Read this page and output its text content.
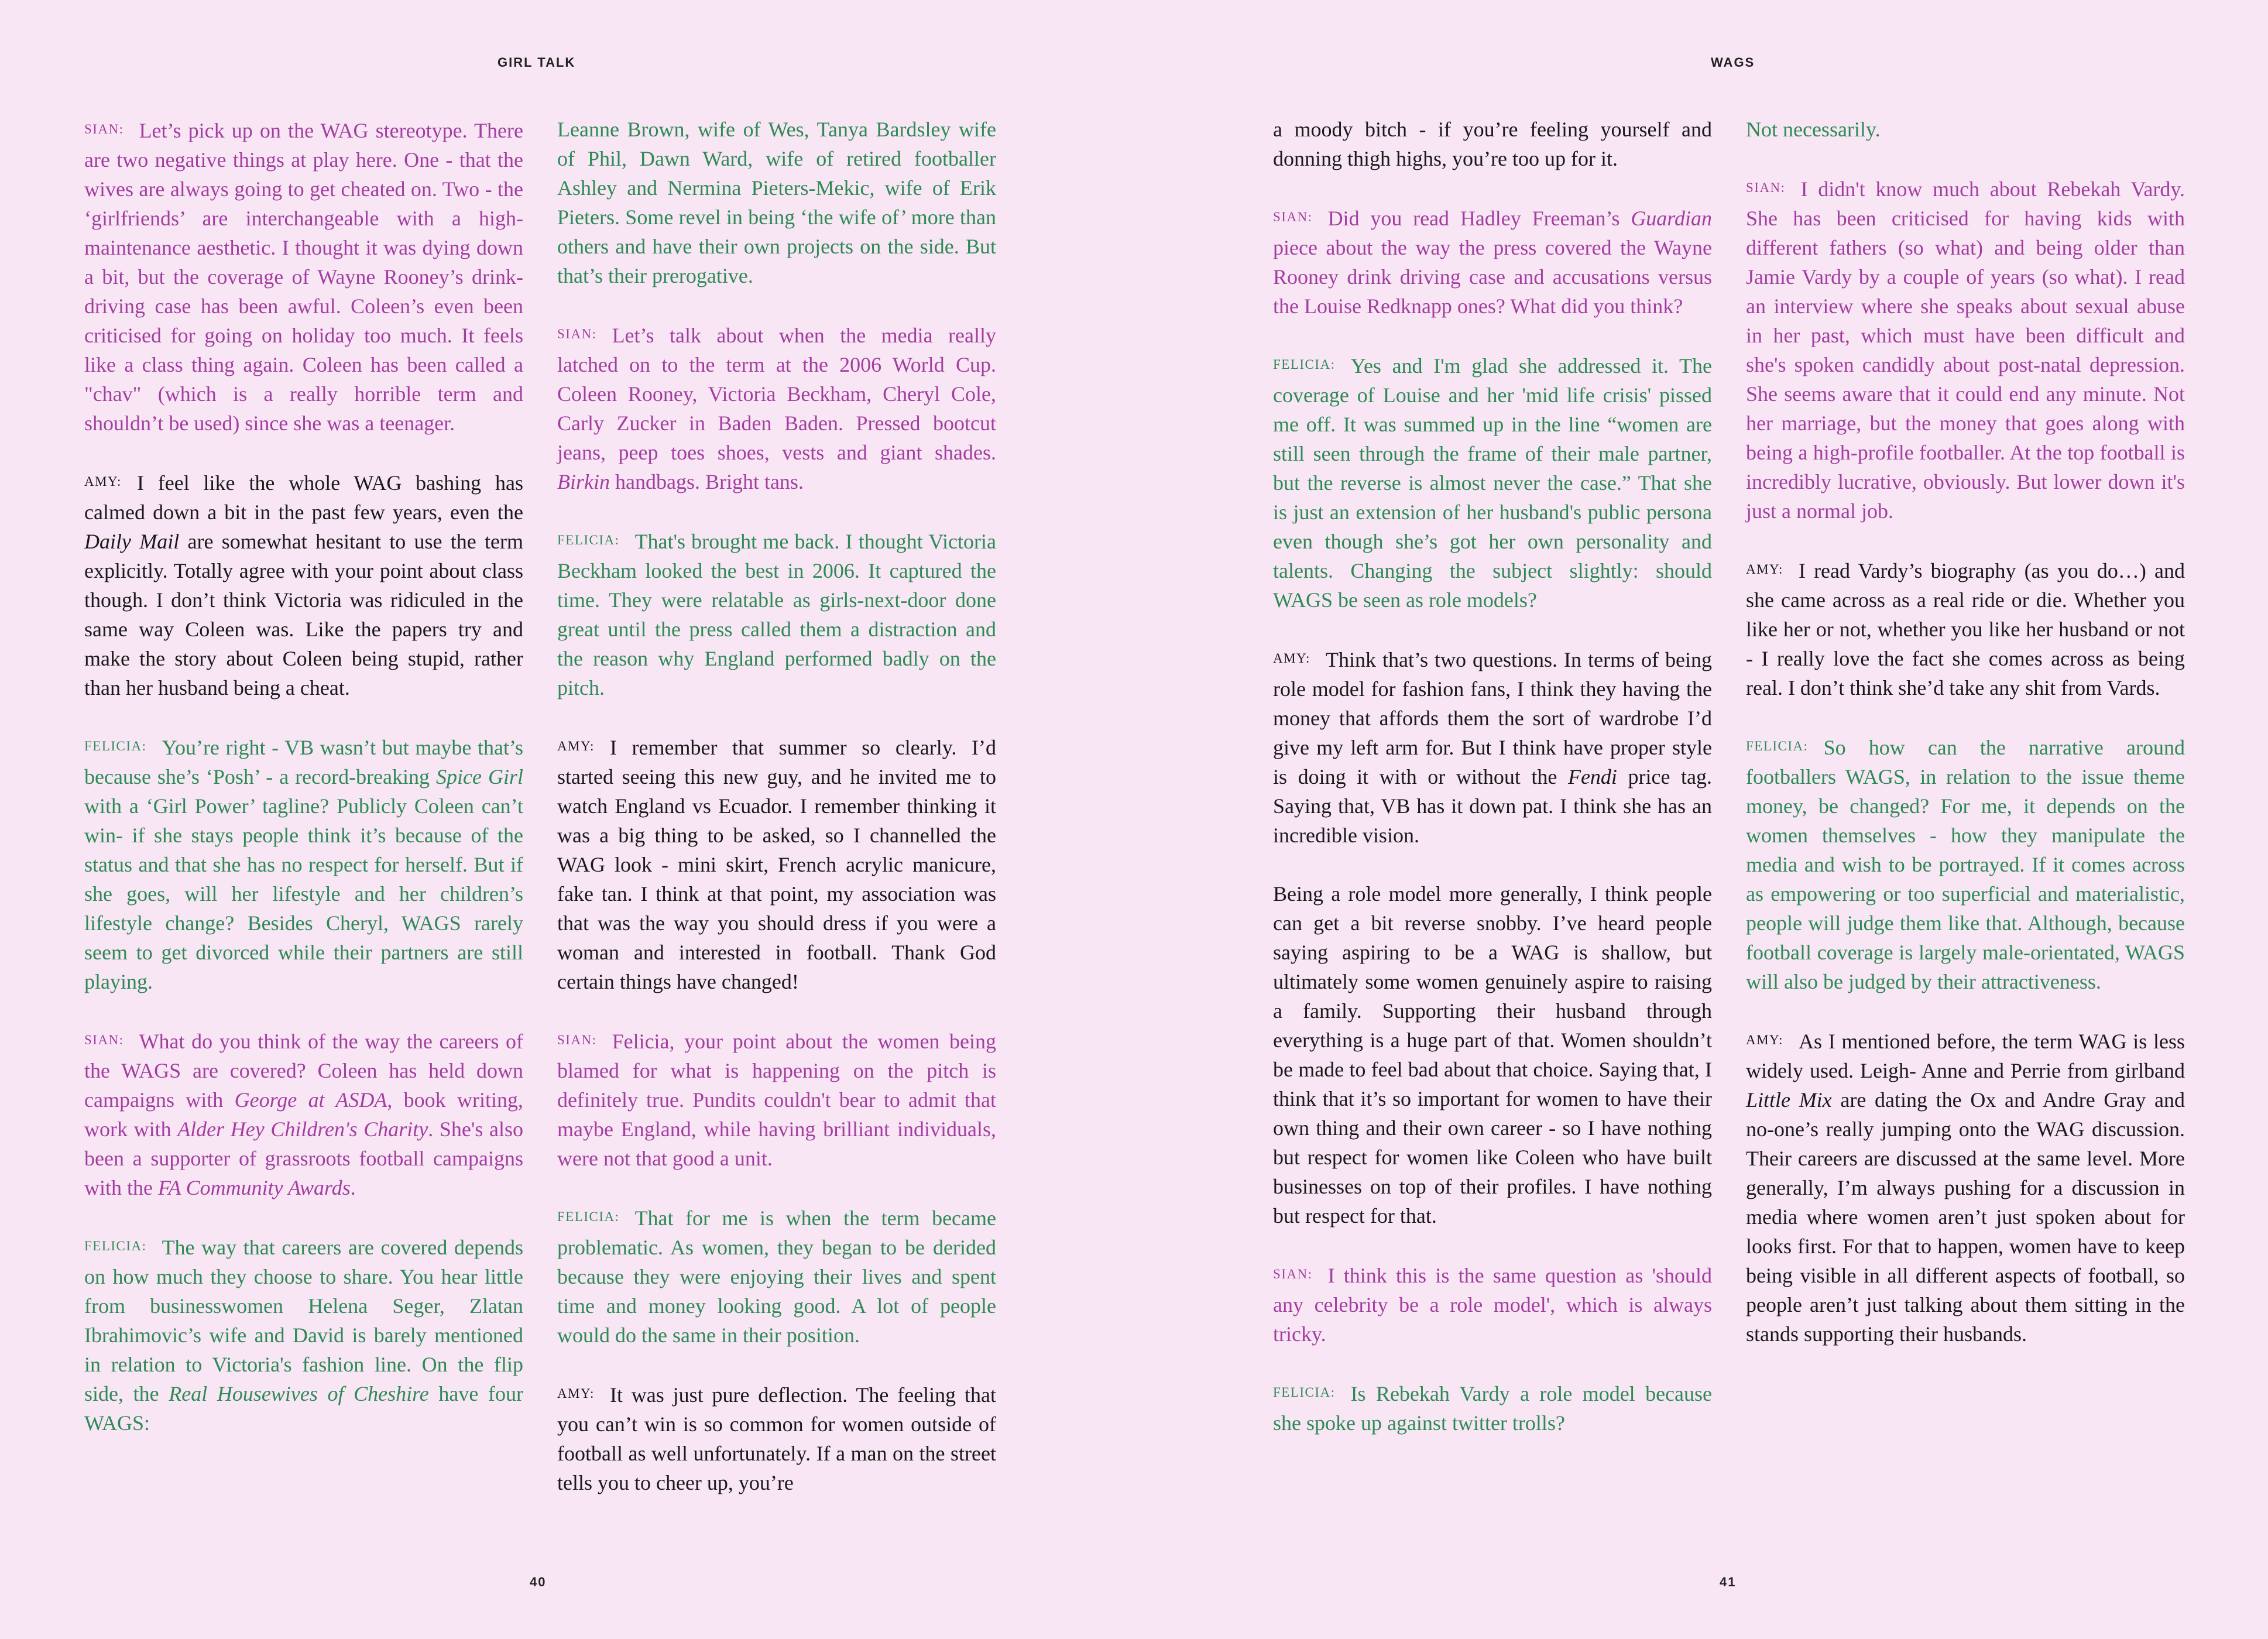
GIRL TALK

SIAN: Let’s pick up on the WAG stereotype. There are two negative things at play here. One - that the wives are always going to get cheated on. Two - the ‘girlfriends’ are interchangeable with a high-maintenance aesthetic. I thought it was dying down a bit, but the coverage of Wayne Rooney’s drink-driving case has been awful. Coleen’s even been criticised for going on holiday too much. It feels like a class thing again. Coleen has been called a "chav" (which is a really horrible term and shouldn’t be used) since she was a teenager.

AMY: I feel like the whole WAG bashing has calmed down a bit in the past few years, even the Daily Mail are somewhat hesitant to use the term explicitly. Totally agree with your point about class though. I don’t think Victoria was ridiculed in the same way Coleen was. Like the papers try and make the story about Coleen being stupid, rather than her husband being a cheat.

FELICIA: You’re right - VB wasn’t but maybe that’s because she’s ‘Posh’ - a record-breaking Spice Girl with a ‘Girl Power’ tagline? Publicly Coleen can’t win- if she stays people think it’s because of the status and that she has no respect for herself. But if she goes, will her lifestyle and her children’s lifestyle change? Besides Cheryl, WAGS rarely seem to get divorced while their partners are still playing.

SIAN: What do you think of the way the careers of the WAGS are covered? Coleen has held down campaigns with George at ASDA, book writing, work with Alder Hey Children's Charity. She's also been a supporter of grassroots football campaigns with the FA Community Awards.

FELICIA: The way that careers are covered depends on how much they choose to share. You hear little from businesswomen Helena Seger, Zlatan Ibrahimovic’s wife and David is barely mentioned in relation to Victoria's fashion line. On the flip side, the Real Housewives of Cheshire have four WAGS:

Leanne Brown, wife of Wes, Tanya Bardsley wife of Phil, Dawn Ward, wife of retired footballer Ashley and Nermina Pieters-Mekic, wife of Erik Pieters. Some revel in being ‘the wife of’ more than others and have their own projects on the side. But that’s their prerogative.

SIAN: Let’s talk about when the media really latched on to the term at the 2006 World Cup. Coleen Rooney, Victoria Beckham, Cheryl Cole, Carly Zucker in Baden Baden. Pressed bootcut jeans, peep toes shoes, vests and giant shades. Birkin handbags. Bright tans.

FELICIA: That's brought me back. I thought Victoria Beckham looked the best in 2006. It captured the time. They were relatable as girls-next-door done great until the press called them a distraction and the reason why England performed badly on the pitch.

AMY: I remember that summer so clearly. I’d started seeing this new guy, and he invited me to watch England vs Ecuador. I remember thinking it was a big thing to be asked, so I channelled the WAG look - mini skirt, French acrylic manicure, fake tan. I think at that point, my association was that was the way you should dress if you were a woman and interested in football. Thank God certain things have changed!

SIAN: Felicia, your point about the women being blamed for what is happening on the pitch is definitely true. Pundits couldn't bear to admit that maybe England, while having brilliant individuals, were not that good a unit.

FELICIA: That for me is when the term became problematic. As women, they began to be derided because they were enjoying their lives and spent time and money looking good. A lot of people would do the same in their position.

AMY: It was just pure deflection. The feeling that you can’t win is so common for women outside of football as well unfortunately. If a man on the street tells you to cheer up, you’re

40
WAGS

a moody bitch - if you’re feeling yourself and donning thigh highs, you’re too up for it.

SIAN: Did you read Hadley Freeman’s Guardian piece about the way the press covered the Wayne Rooney drink driving case and accusations versus the Louise Redknapp ones? What did you think?

FELICIA: Yes and I'm glad she addressed it. The coverage of Louise and her 'mid life crisis' pissed me off. It was summed up in the line “women are still seen through the frame of their male partner, but the reverse is almost never the case.” That she is just an extension of her husband's public persona even though she’s got her own personality and talents. Changing the subject slightly: should WAGS be seen as role models?

AMY: Think that’s two questions. In terms of being role model for fashion fans, I think they having the money that affords them the sort of wardrobe I’d give my left arm for. But I think have proper style is doing it with or without the Fendi price tag. Saying that, VB has it down pat. I think she has an incredible vision.

Being a role model more generally, I think people can get a bit reverse snobby. I’ve heard people saying aspiring to be a WAG is shallow, but ultimately some women genuinely aspire to raising a family. Supporting their husband through everything is a huge part of that. Women shouldn’t be made to feel bad about that choice. Saying that, I think that it’s so important for women to have their own thing and their own career - so I have nothing but respect for women like Coleen who have built businesses on top of their profiles. I have nothing but respect for that.

SIAN: I think this is the same question as 'should any celebrity be a role model', which is always tricky.

FELICIA: Is Rebekah Vardy a role model because she spoke up against twitter trolls?

Not necessarily.

SIAN: I didn't know much about Rebekah Vardy. She has been criticised for having kids with different fathers (so what) and being older than Jamie Vardy by a couple of years (so what). I read an interview where she speaks about sexual abuse in her past, which must have been difficult and she's spoken candidly about post-natal depression. She seems aware that it could end any minute. Not her marriage, but the money that goes along with being a high-profile footballer. At the top football is incredibly lucrative, obviously. But lower down it's just a normal job.

AMY: I read Vardy’s biography (as you do…) and she came across as a real ride or die. Whether you like her or not, whether you like her husband or not - I really love the fact she comes across as being real. I don’t think she’d take any shit from Vards.

FELICIA: So how can the narrative around footballers WAGS, in relation to the issue theme money, be changed? For me, it depends on the women themselves - how they manipulate the media and wish to be portrayed. If it comes across as empowering or too superficial and materialistic, people will judge them like that. Although, because football coverage is largely male-orientated, WAGS will also be judged by their attractiveness.

AMY: As I mentioned before, the term WAG is less widely used. Leigh- Anne and Perrie from girlband Little Mix are dating the Ox and Andre Gray and no-one’s really jumping onto the WAG discussion. Their careers are discussed at the same level. More generally, I’m always pushing for a discussion in media where women aren’t just spoken about for looks first. For that to happen, women have to keep being visible in all different aspects of football, so people aren’t just talking about them sitting in the stands supporting their husbands.

41
